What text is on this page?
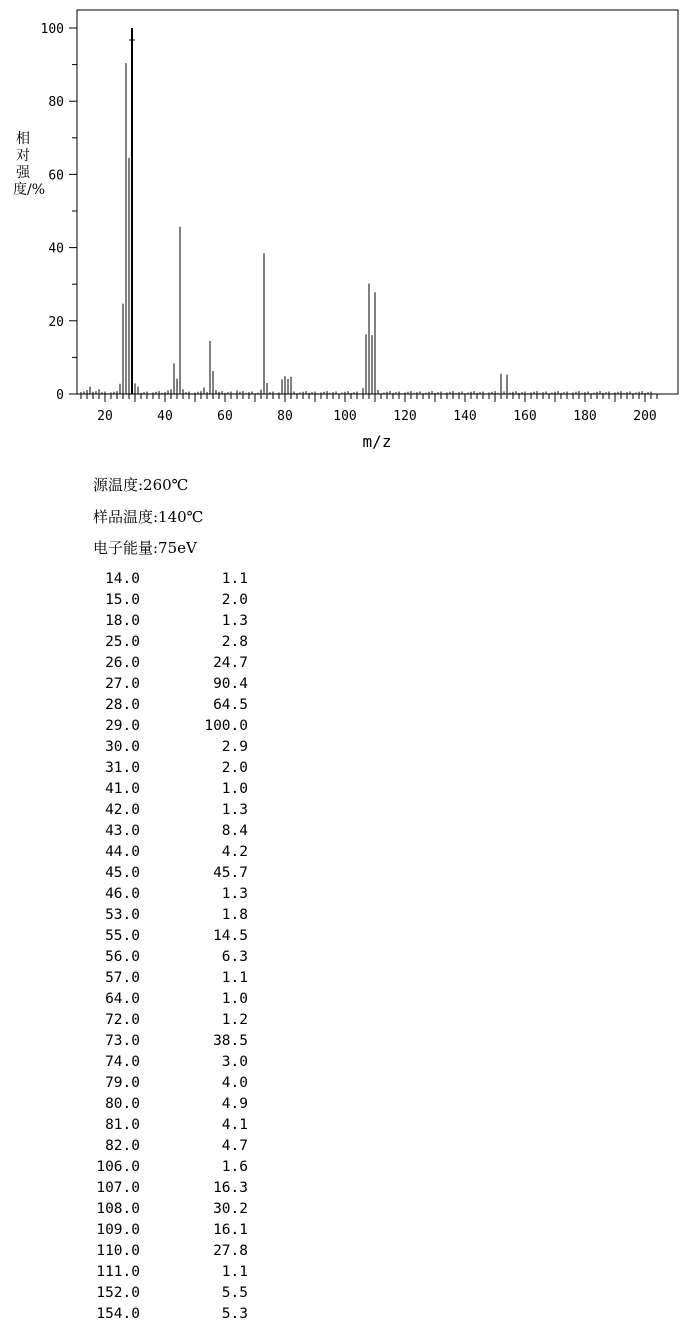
20	40	60	80	100	120	140	160	180	200
0
20
40
60
80
100
m/z
相对强度/%
源温度:260℃
样品温度:140℃
电子能量:75eV
14.0	1.1
15.0	2.0
18.0	1.3
25.0	2.8
26.0	24.7
27.0	90.4
28.0	64.5
29.0	100.0
30.0	2.9
31.0	2.0
41.0	1.0
42.0	1.3
43.0	8.4
44.0	4.2
45.0	45.7
46.0	1.3
53.0	1.8
55.0	14.5
56.0	6.3
57.0	1.1
64.0	1.0
72.0	1.2
73.0	38.5
74.0	3.0
79.0	4.0
80.0	4.9
81.0	4.1
82.0	4.7
106.0	1.6
107.0	16.3
108.0	30.2
109.0	16.1
110.0	27.8
111.0	1.1
152.0	5.5
154.0	5.3
